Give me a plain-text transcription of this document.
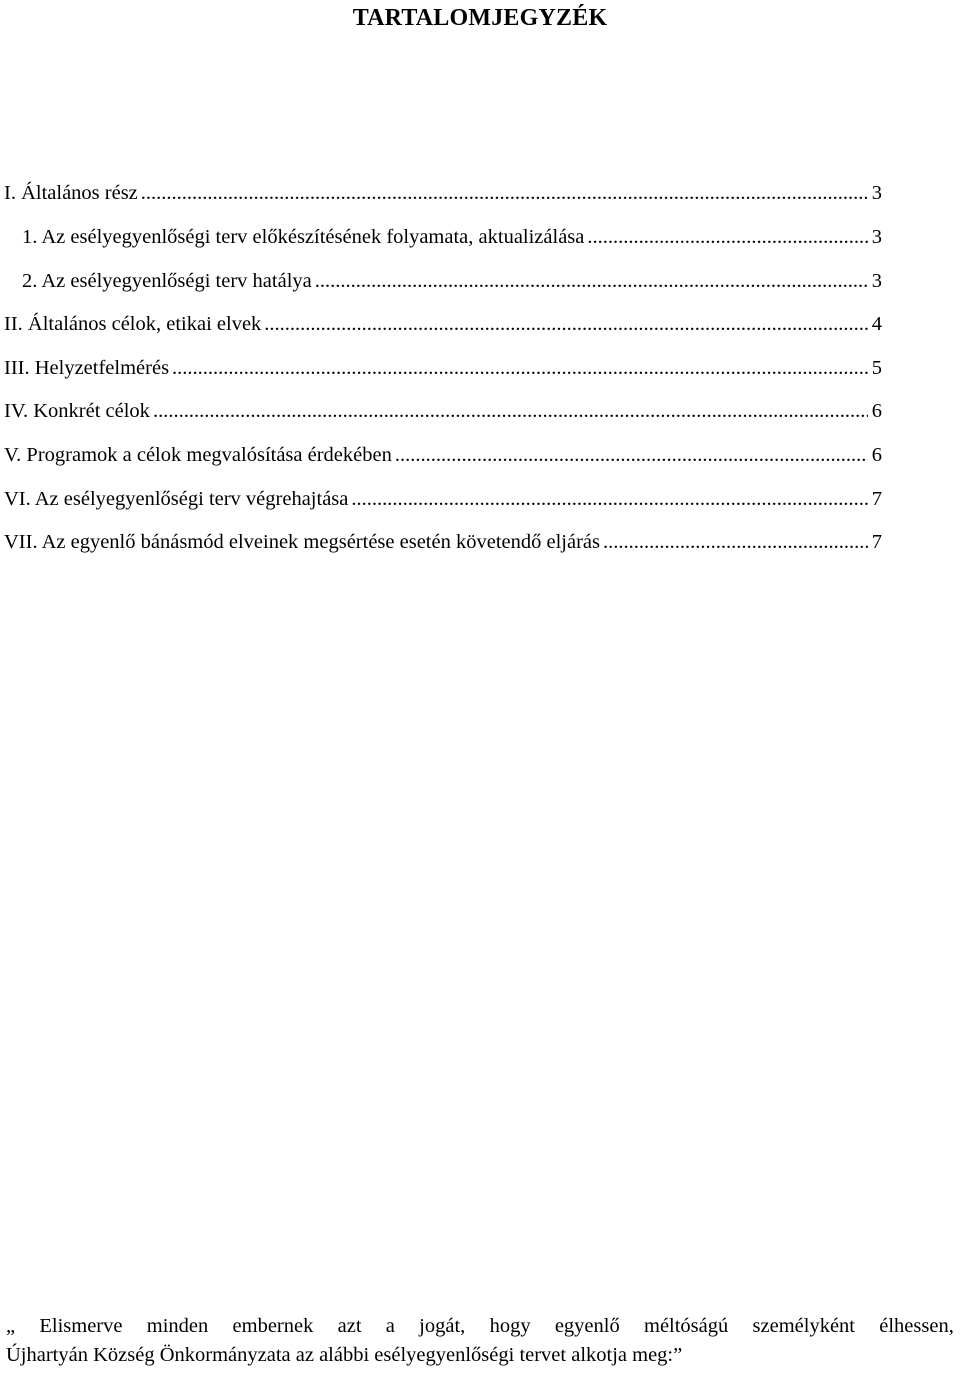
TARTALOMJEGYZÉK
I. Általános rész .....	3
1. Az esélyegyenlőségi terv előkészítésének folyamata, aktualizálása .....	3
2. Az esélyegyenlőségi terv hatálya .....	3
II. Általános célok, etikai elvek .....	4
III. Helyzetfelmérés .....	5
IV. Konkrét célok .....	6
V. Programok a célok megvalósítása érdekében .....	6
VI. Az esélyegyenlőségi terv végrehajtása .....	7
VII. Az egyenlő bánásmód elveinek megsértése esetén követendő eljárás .....	7
„ Elismerve minden embernek azt a jogát, hogy egyenlő méltóságú személyként élhessen,
Újhartyán Község Önkormányzata az alábbi esélyegyenlőségi tervet alkotja meg:”
